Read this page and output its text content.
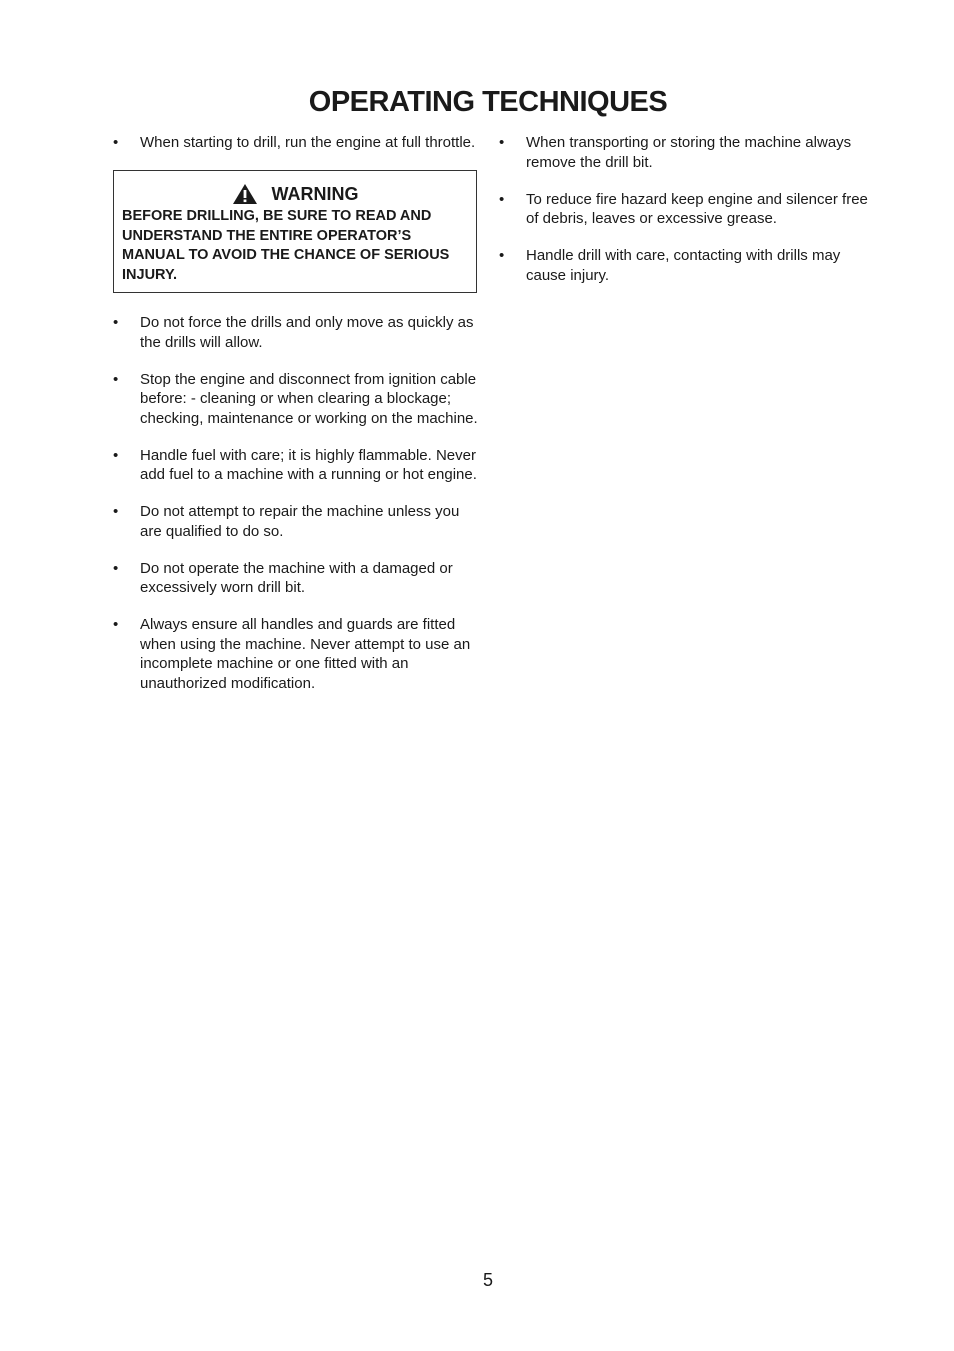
OPERATING TECHNIQUES
•	When starting to drill, run the engine at full throttle.
WARNING
BEFORE DRILLING, BE SURE TO READ AND UNDERSTAND THE ENTIRE OPERATOR’S MANUAL TO AVOID THE CHANCE OF SERIOUS INJURY.
•	Do not force the drills and only move as quickly as the drills will allow.
•	Stop the engine and disconnect from ignition cable before: - cleaning or when clearing a blockage; checking, maintenance or working on the machine.
•	Handle fuel with care; it is highly flammable. Never add fuel to a machine with a running or hot engine.
•	Do not attempt to repair the machine unless you are qualified to do so.
•	Do not operate the machine with a damaged or excessively worn drill bit.
•	Always ensure all handles and guards are fitted when using the machine. Never attempt to use an incomplete machine or one fitted with an unauthorized modification.
•	When transporting or storing the machine always remove the drill bit.
•	To reduce fire hazard keep engine and silencer free of debris, leaves or excessive grease.
•	Handle drill with care, contacting with drills may cause injury.
5
